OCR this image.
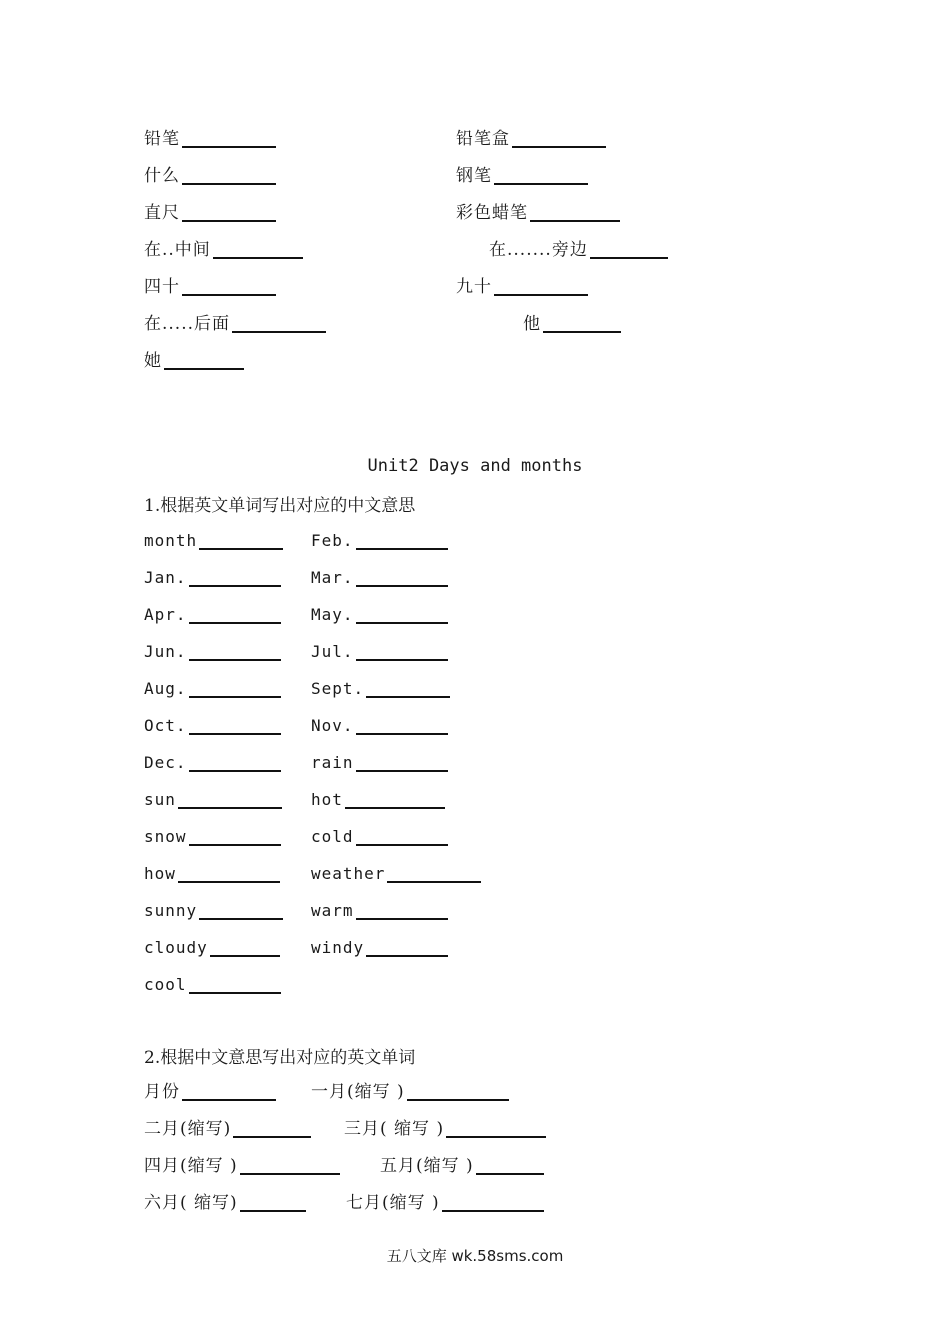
铅笔	铅笔盒
什么	钢笔
直尺	彩色蜡笔
在..中间	在.......旁边
四十	九十
在.....后面	他
她
Unit2 Days and months
1.根据英文单词写出对应的中文意思
month	Feb.
Jan.	Mar.
Apr.	May.
Jun.	Jul.
Aug.	Sept.
Oct.	Nov.
Dec.	rain
sun	hot
snow	cold
how	weather
sunny	warm
cloudy	windy
cool
2.根据中文意思写出对应的英文单词
月份	一月(缩写 )
二月(缩写)	三月( 缩写 )
四月(缩写 )	五月(缩写 )
六月( 缩写)	七月(缩写 )
五八文库 wk.58sms.com
